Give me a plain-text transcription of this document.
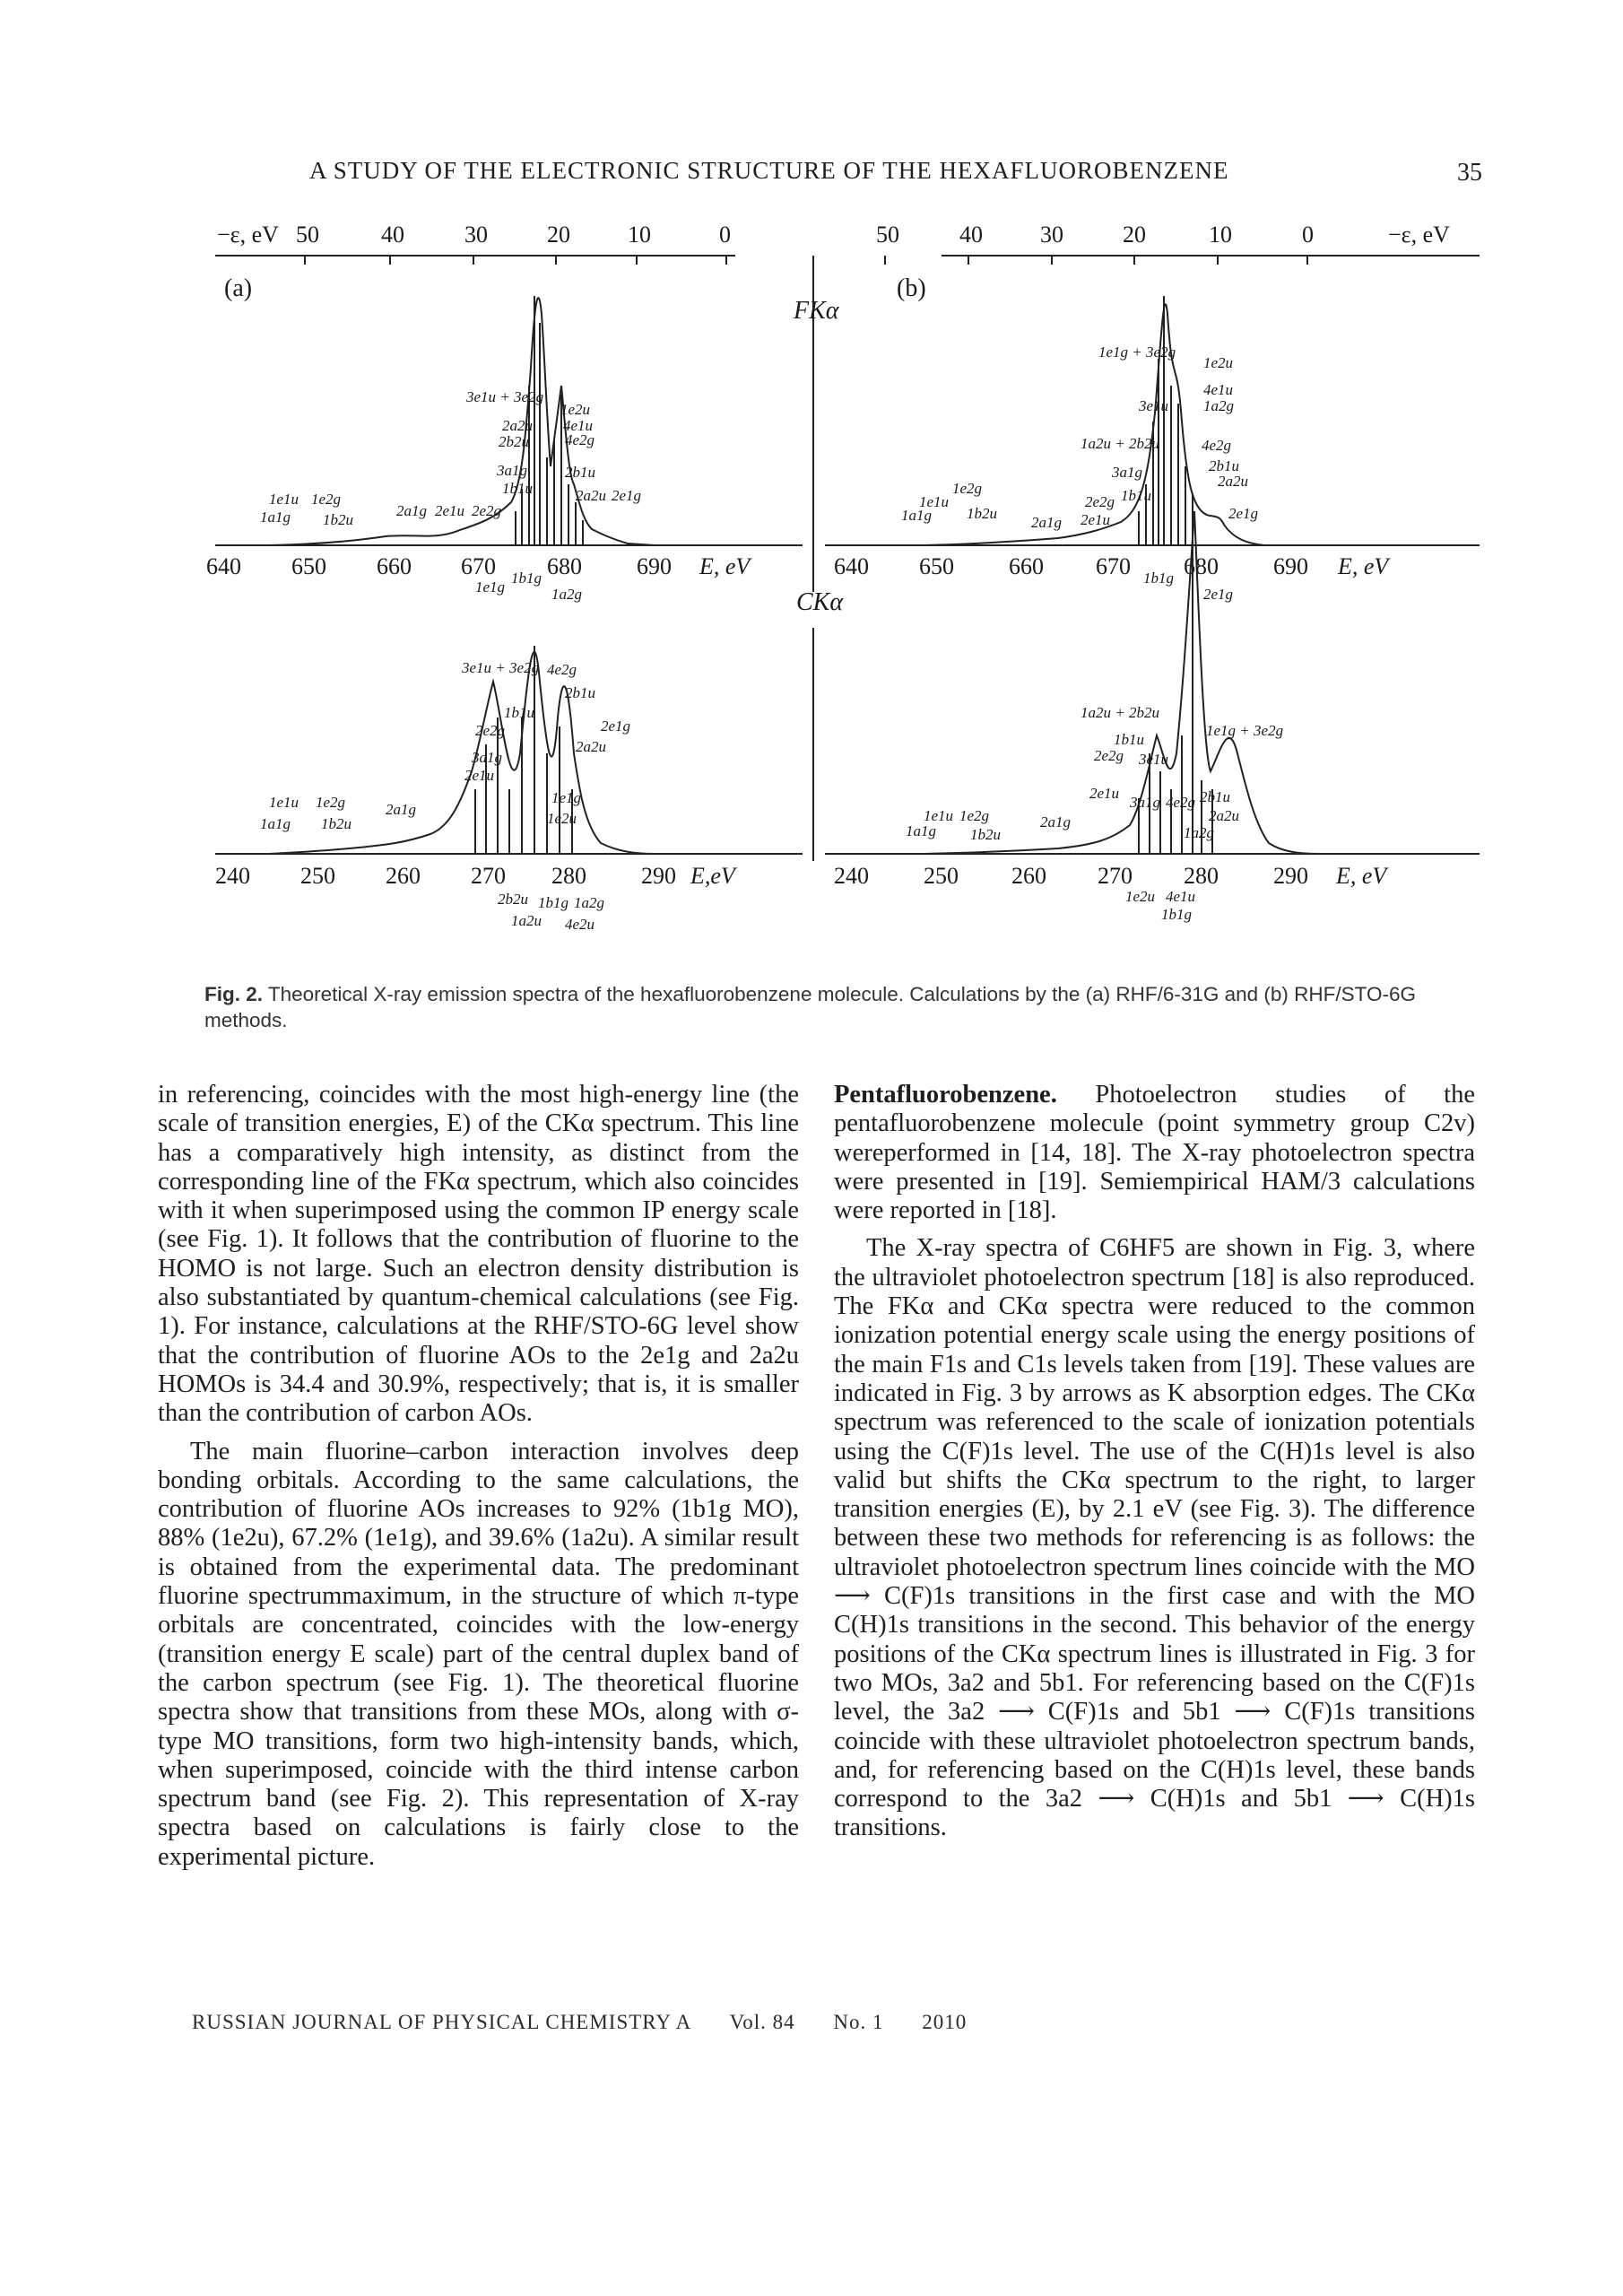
A STUDY OF THE ELECTRONIC STRUCTURE OF THE HEXAFLUOROBENZENE	35
−ε, eV	−ε, eV
50	40	30	20 10	0	50	40 30	20	10	0
(a)	(b)
FKα
CKα
640 650 660 670 680 690 E, eV	640 650 660 670 680 690 E, eV
3e1u + 3e2g
1e2u
4e1u
4e2g
2a2u
2b2u
3a1g
1b1u
2b1u
2a2u 2e1g
1e1u 1e2g
1a1g 1b2u
2a1g 2e1u 2e2g
1e1g
1b1g
1a2g
1e1g + 3e2g
1e2u
4e1u
3e1u 1a2g
1a2u + 2b2u	4e2g
3a1g	2b1u
2a2u
2e2g 1b1u
2e1g
2e1u
1e1u
1e2g
1a1g 1b2u
2a1g
1b1g
240 250 260 270 280 290 E,eV	240 250 260 270 280 290 E, eV
3e1u + 3e2g 4e2g
2b1u
1b1u
2e2g
3a1g
2e1u
2e1g
2a2u
1e1g
1e2u
1e1u 1e2g	2a1g
1a1g 1b2u
2b2u 1b1g 1a2g
1a2u 4e2u
2e1g
1a2u + 2b2u
1e1g + 3e2g
1b1u
2e2g 3e1u
2e1u
3a1g 4e2g 2b1u
2a2u
1a2g
1e1u 1e2g
1a1g 1b2u
2a1g
1e2u 4e1u
1b1g
Fig. 2. Theoretical X-ray emission spectra of the hexafluorobenzene molecule. Calculations by the (a) RHF/6-31G and (b) RHF/STO-6G methods.

in referencing, coincides with the most high-energy line (the scale of transition energies, E) of the CKα spectrum. This line has a comparatively high intensity, as distinct from the corresponding line of the FKα spectrum, which also coincides with it when superimposed using the common IP energy scale (see Fig. 1). It follows that the contribution of fluorine to the HOMO is not large. Such an electron density distribution is also substantiated by quantum-chemical calculations (see Fig. 1). For instance, calculations at the RHF/STO-6G level show that the contribution of fluorine AOs to the 2e1g and 2a2u HOMOs is 34.4 and 30.9%, respectively; that is, it is smaller than the contribution of carbon AOs.

The main fluorine–carbon interaction involves deep bonding orbitals. According to the same calculations, the contribution of fluorine AOs increases to 92% (1b1g MO), 88% (1e2u), 67.2% (1e1g), and 39.6% (1a2u). A similar result is obtained from the experimental data. The predominant fluorine spectrummaximum, in the structure of which π-type orbitals are concentrated, coincides with the low-energy (transition energy E scale) part of the central duplex band of the carbon spectrum (see Fig. 1). The theoretical fluorine spectra show that transitions from these MOs, along with σ-type MO transitions, form two high-intensity bands, which, when superimposed, coincide with the third intense carbon spectrum band (see Fig. 2). This representation of X-ray spectra based on calculations is fairly close to the experimental picture.

Pentafluorobenzene. Photoelectron studies of the pentafluorobenzene molecule (point symmetry group C2v) wereperformed in [14, 18]. The X-ray photoelectron spectra were presented in [19]. Semiempirical HAM/3 calculations were reported in [18].

The X-ray spectra of C6HF5 are shown in Fig. 3, where the ultraviolet photoelectron spectrum [18] is also reproduced. The FKα and CKα spectra were reduced to the common ionization potential energy scale using the energy positions of the main F1s and C1s levels taken from [19]. These values are indicated in Fig. 3 by arrows as K absorption edges. The CKα spectrum was referenced to the scale of ionization potentials using the C(F)1s level. The use of the C(H)1s level is also valid but shifts the CKα spectrum to the right, to larger transition energies (E), by 2.1 eV (see Fig. 3). The difference between these two methods for referencing is as follows: the ultraviolet photoelectron spectrum lines coincide with the MO ⟶ C(F)1s transitions in the first case and with the MO C(H)1s transitions in the second. This behavior of the energy positions of the CKα spectrum lines is illustrated in Fig. 3 for two MOs, 3a2 and 5b1. For referencing based on the C(F)1s level, the 3a2 ⟶ C(F)1s and 5b1 ⟶ C(F)1s transitions coincide with these ultraviolet photoelectron spectrum bands, and, for referencing based on the C(H)1s level, these bands correspond to the 3a2 ⟶ C(H)1s and 5b1 ⟶ C(H)1s transitions.

RUSSIAN JOURNAL OF PHYSICAL CHEMISTRY A Vol. 84 No. 1 2010
